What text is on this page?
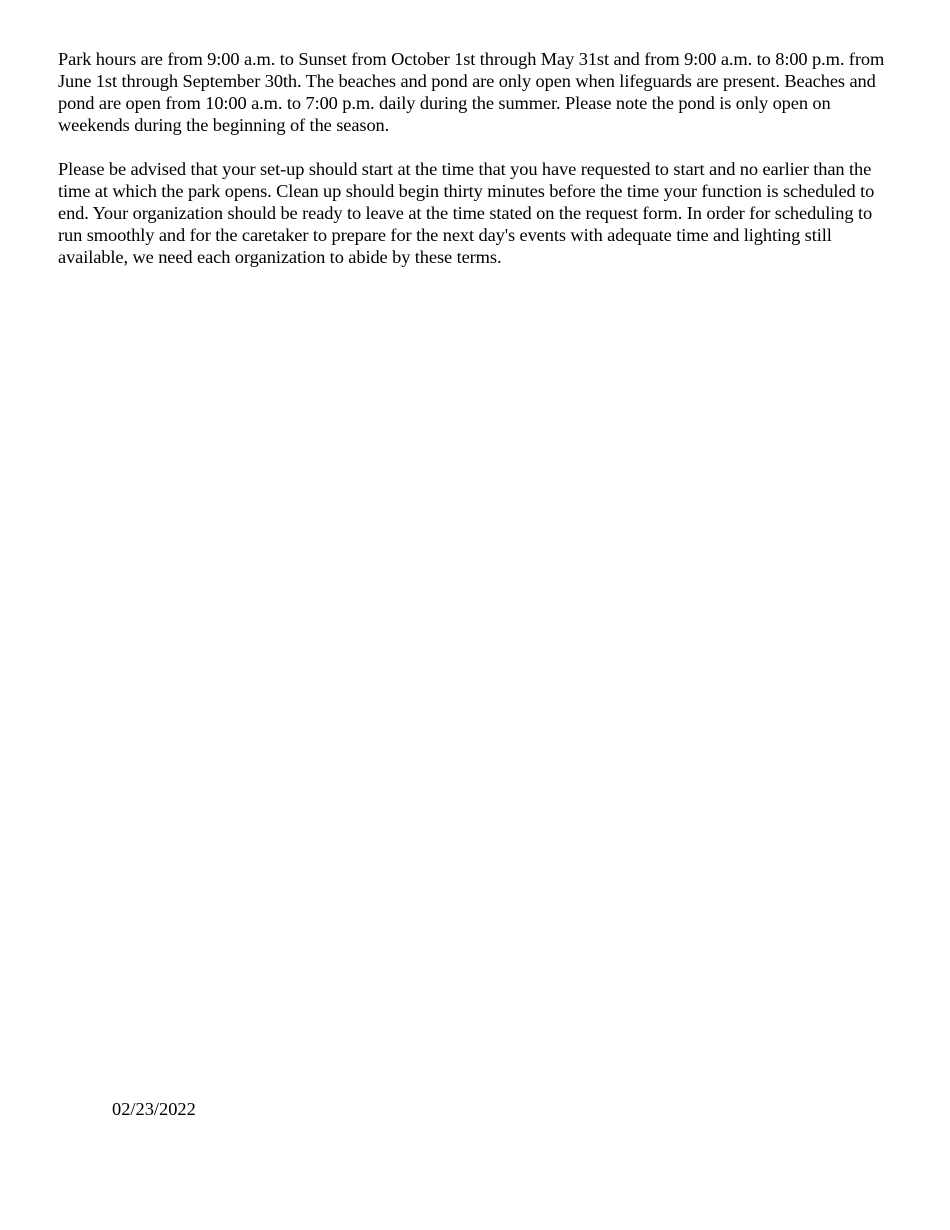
Park hours are from 9:00 a.m. to Sunset from October 1st through May 31st and from 9:00 a.m. to 8:00 p.m. from June 1st through September 30th. The beaches and pond are only open when lifeguards are present. Beaches and pond are open from 10:00 a.m. to 7:00 p.m. daily during the summer. Please note the pond is only open on weekends during the beginning of the season.

Please be advised that your set-up should start at the time that you have requested to start and no earlier than the time at which the park opens. Clean up should begin thirty minutes before the time your function is scheduled to end. Your organization should be ready to leave at the time stated on the request form. In order for scheduling to run smoothly and for the caretaker to prepare for the next day's events with adequate time and lighting still available, we need each organization to abide by these terms.

02/23/2022
